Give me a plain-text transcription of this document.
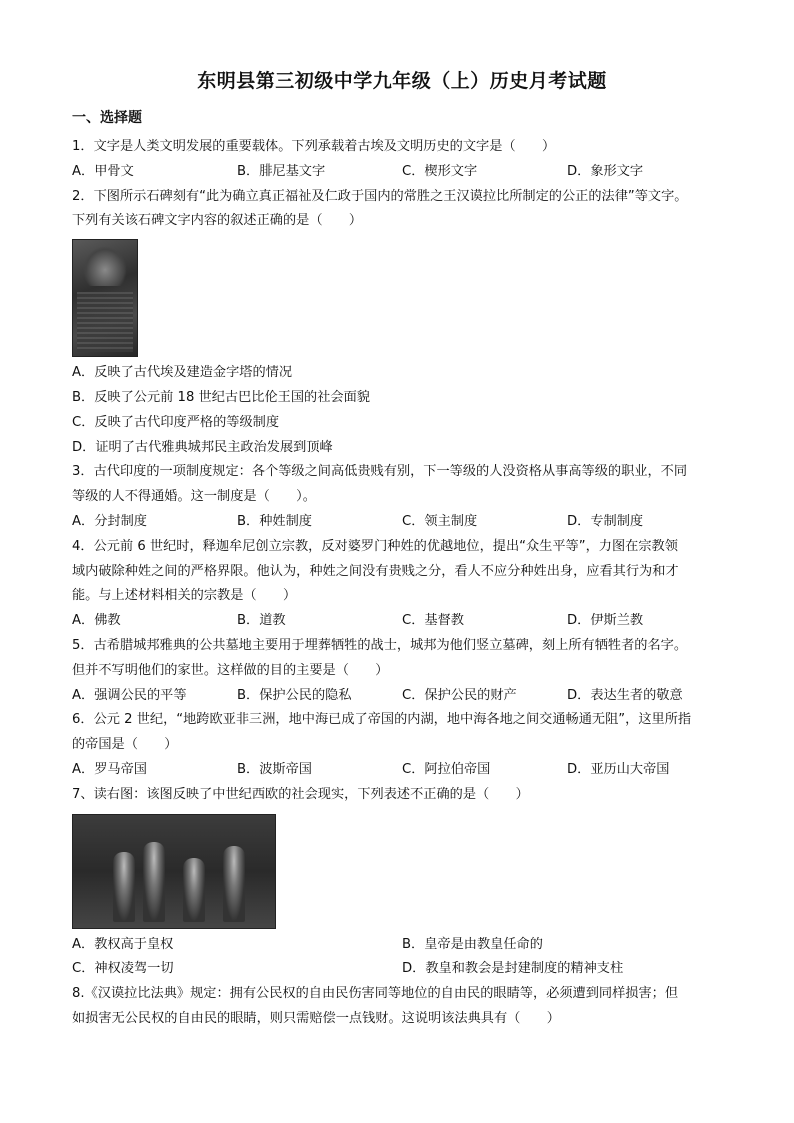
东明县第三初级中学九年级（上）历史月考试题
一、选择题

1．文字是人类文明发展的重要载体。下列承载着古埃及文明历史的文字是（　　）

A．甲骨文	B．腓尼基文字	C．楔形文字	D．象形文字

2．下图所示石碑刻有“此为确立真正福祉及仁政于国内的常胜之王汉谟拉比所制定的公正的法律”等文字。

下列有关该石碑文字内容的叙述正确的是（　　）

A．反映了古代埃及建造金字塔的情况
B．反映了公元前 18 世纪古巴比伦王国的社会面貌
C．反映了古代印度严格的等级制度
D．证明了古代雅典城邦民主政治发展到顶峰

3．古代印度的一项制度规定：各个等级之间高低贵贱有别，下一等级的人没资格从事高等级的职业，不同

等级的人不得通婚。这一制度是（　　）。

A．分封制度	B．种姓制度	C．领主制度	D．专制制度

4．公元前 6 世纪时，释迦牟尼创立宗教，反对婆罗门种姓的优越地位，提出“众生平等”，力图在宗教领

域内破除种姓之间的严格界限。他认为，种姓之间没有贵贱之分，看人不应分种姓出身，应看其行为和才

能。与上述材料相关的宗教是（　　）

A．佛教	B．道教	C．基督教	D．伊斯兰教

5．古希腊城邦雅典的公共墓地主要用于埋葬牺牲的战士，城邦为他们竖立墓碑，刻上所有牺牲者的名字。

但并不写明他们的家世。这样做的目的主要是（　　）

A．强调公民的平等	B．保护公民的隐私	C．保护公民的财产	D．表达生者的敬意

6．公元 2 世纪，“地跨欧亚非三洲，地中海已成了帝国的内湖，地中海各地之间交通畅通无阻”，这里所指

的帝国是（　　）

A．罗马帝国	B．波斯帝国	C．阿拉伯帝国	D．亚历山大帝国

7、读右图：该图反映了中世纪西欧的社会现实，下列表述不正确的是（　　）

A．教权高于皇权	B．皇帝是由教皇任命的
C．神权凌驾一切	D．教皇和教会是封建制度的精神支柱

8.《汉谟拉比法典》规定：拥有公民权的自由民伤害同等地位的自由民的眼睛等，必须遭到同样损害；但

如损害无公民权的自由民的眼睛，则只需赔偿一点钱财。这说明该法典具有（　　）
